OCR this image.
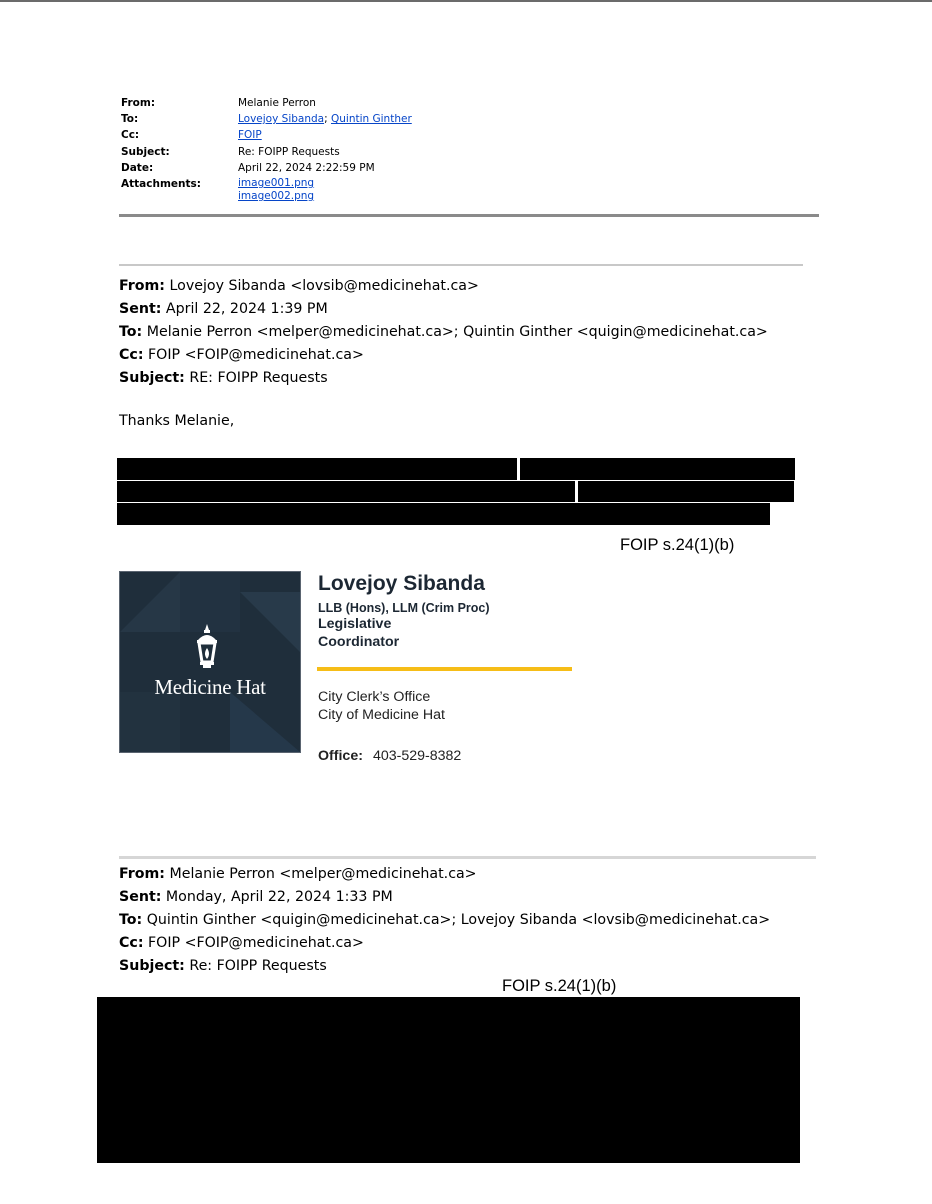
From:	Melanie Perron
To:	Lovejoy Sibanda; Quintin Ginther
Cc:	FOIP
Subject:	Re: FOIPP Requests
Date:	April 22, 2024 2:22:59 PM
Attachments:	image001.png
image002.png
From: Lovejoy Sibanda <lovsib@medicinehat.ca>
Sent: April 22, 2024 1:39 PM
To: Melanie Perron <melper@medicinehat.ca>; Quintin Ginther <quigin@medicinehat.ca>
Cc: FOIP <FOIP@medicinehat.ca>
Subject: RE: FOIPP Requests
Thanks Melanie,
FOIP s.24(1)(b)
Medicine Hat
Lovejoy Sibanda
LLB (Hons), LLM (Crim Proc)
Legislative
Coordinator
City Clerk’s Office
City of Medicine Hat
Office: 403-529-8382
From: Melanie Perron <melper@medicinehat.ca>
Sent: Monday, April 22, 2024 1:33 PM
To: Quintin Ginther <quigin@medicinehat.ca>; Lovejoy Sibanda <lovsib@medicinehat.ca>
Cc: FOIP <FOIP@medicinehat.ca>
Subject: Re: FOIPP Requests
FOIP s.24(1)(b)
